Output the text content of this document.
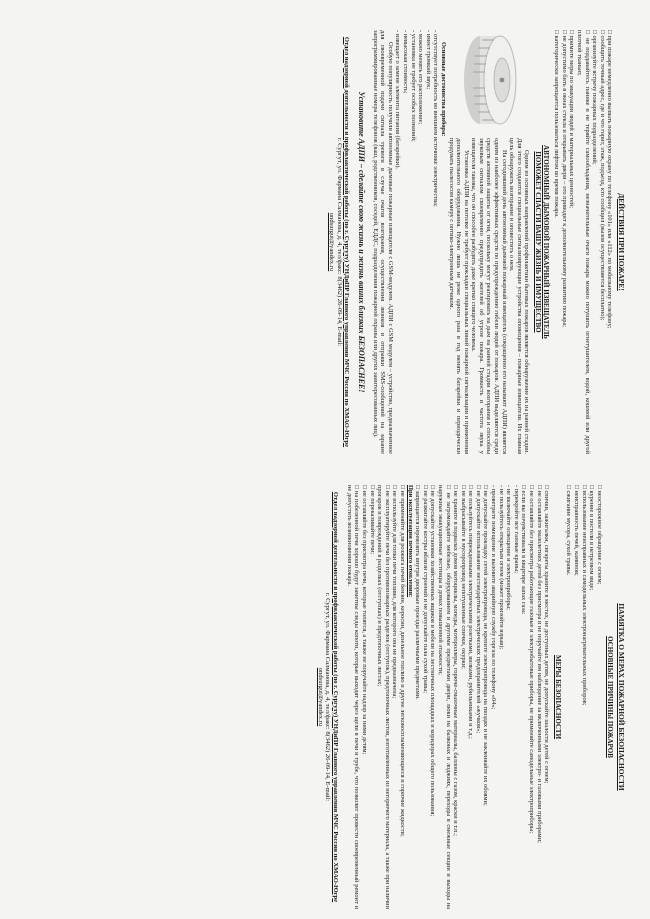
ПАМЯТКА О МЕРАХ ПОЖАРНОЙ БЕЗОПАСНОСТИ
ОСНОВНЫЕ ПРИЧИНЫ ПОЖАРОВ

□ неосторожное обращение с огнем;

□ курение в постели в нетрезвом виде;

□ использование неисправных и самодельных электронагревательных приборов;

□ неисправность печей, каминов;

□ сжигание мусора, сухой травы.

МЕРЫ БЕЗОПАСНОСТИ

□ спички, зажигалки, сигареты храните в местах, не доступных детям, не допускайте шалости детей с огнем;

□ не оставляйте малолетних детей без присмотра и не поручайте им наблюдение за включенными электро- и газовыми приборами;

□ не оставляйте без присмотра работающие газовые и электробытовые приборы, не применяйте самодельные электроприборы;

□ если вы почувствовали в квартире запах газа:

- перекройте все газовые краны;

- не включайте освещение и электроприборы;

- не пользуйтесь открытым огнем (может произойти взрыв);

- проветрите помещение и вызовите аварийную службу горгаза по телефону «04»;

□ не допускайте прокладку сетей электропровода, не крепите электропровода на гвоздях и не заклеивайте их обоями;

□ не допускайте использование нестандартных электрических предохранителей «жучков»;

□ не пользуйтесь поврежденными электрическими розетками, вилками, рубильниками и т.д.;

□ не выбрасывайте в мусоропровод непотушенные спички, окурки;

□ не храните в подвалах домов мотоциклы, мопеды, мотороллеры, горюче-смазочные материалы, баллоны с газом, краски и т.п.;

□ не загромождайте мебелью, оборудованием и другими предметами двери, люки на балконах и лоджиях, переходы в смежные секции и выходы на наружные эвакуационные лестницы в домах повышенной этажности;

□ не допускайте установки хозяйственных ящиков и мебели на лестничных площадках и коридорах общего пользования;

□ не разжигайте костры вблизи строений и не допускайте пала сухой травы;

□ запрещается перевозить внутри дворовые проезды различными предметами.

При эксплуатации печного отопления:

□ не применяйте для розжига печей бензин, керосин, дизельное топливо и другие легковоспламеняющиеся и горючие жидкости;

□ не используйте для топки печи топливо, для которого она не предназначена;

□ не эксплуатируйте печи без противопожарных разделок (отступок), предтопочных листов, изготовленных из негорючего материала, а также при наличии прогаров и повреждений в разделках (отступках) и предтопочных листах;

□ не перекаливайте печи;

□ не оставляйте без присмотра печи, которые топятся, а также не поручайте надзор за ними детям;

□ на побеленной печи хорошо будут заметны следы копоти, которые выходят через щели в печи и трубе, что позволит провести своевременный ремонт и не допустить возникновения пожара.

Отдел надзорной деятельности и профилактической работы (по г. Сургуту) УНДиПР Главного управления МЧС России по ХМАО-Югре
г. Сургут, ул. Фармана Салманова, д. 4, тел/факс: 8(3462) 26-09-14, E-mail:
ondsurgut@yandex.ru
ДЕЙСТВИЯ ПРИ ПОЖАРЕ!

□ при пожаре немедленно вызвать пожарную охрану по телефону «101» или «112» по мобильному телефону;

□ сообщить точный адрес, где и что горит, этаж, подъезд, кто сообщил (вызов осуществляется бесплатно);

□ организуйте встречу пожарных подразделений;

□ не поддавайтесь панике и не теряйте самообладания, незначительные очаги пожара можно потушить огнетушителем, водой, кошмой или другой плотной тканью;

□ примите меры по эвакуации людей и материальных ценностей;

□ не допустимо бить в окнах стекла и открывать двери – это приводит к дополнительному развитию пожара;

□ категорически запрещается пользоваться лифтом во время пожара.

АВТОНОМНЫЙ ДЫМОВОЙ ПОЖАРНЫЙ ИЗВЕЩАТЕЛЬ
ПОМОЖЕТ СПАСТИ ВАШУ ЖИЗНЬ И ИМУЩЕСТВО

Одним из основных направлений профилактики бытовых пожаров является обнаружение их на ранней стадии. Для этого создаются специальные сигнализирующие устройства оповещения – пожарные извещатели. Их главная цель обнаружить возгорание и оповестить о нем.

На сегодняшний день автономный дымовой пожарный извещатель (сокращенно его называют АДПИ) является одним из наиболее эффективных средств по предупреждению гибели людей от пожаров. АДПИ выделяются среди средств активной защиты от огня, поскольку могут реагировать на дым на ранней стадии возгорания и способны звуковым сигналом своевременно предупредить жителей об угрозе пожара. Громкость и частота звука у извещателя таковы, что он способен разбудить даже крепко спящего человека.

Установка АДПИ на потолке не требует прокладки специальных линий пожарной сигнализации и применения дополнительного оборудования. Нужно лишь не реже одного раза в год менять батарейки и периодически продувать пылесосом камеру с оптико-электронным датчиком.

Основные достоинства прибора:

- отсутствует потребность во внешнем источнике электричества;

- имеет громкий звук;

- можно менять его расположение;

- установка не требует особых познаний;

- невысокая стоимость;

- извещает о замене элемента питания (батарейки).

Особую популярность получили автономные дымовые пожарные извещатели с GSM-модулем. АДПИ с GSM модулем – устройство, предназначенное для своевременной подачи сигнала тревоги в случае очагов возгорания, осуществления звонков и отправки SMS-сообщений на заранее запрограммированные номера телефонов (ваш, родственников, соседей, ЕДДС, подразделения пожарной охраны или других заинтересованных лиц).

Установите АДПИ – сделайте свою жизнь и жизнь ваших близких БЕЗОПАСНЕЕ!
Отдел надзорной деятельности и профилактической работы (по г. Сургуту) УНДиПР Главного управления МЧС России по ХМАО-Югре
г. Сургут, ул. Фармана Салманова, д. 4, тел/факс: 8(3462) 26-09-14, E-mail:
ondsurgut@yandex.ru
